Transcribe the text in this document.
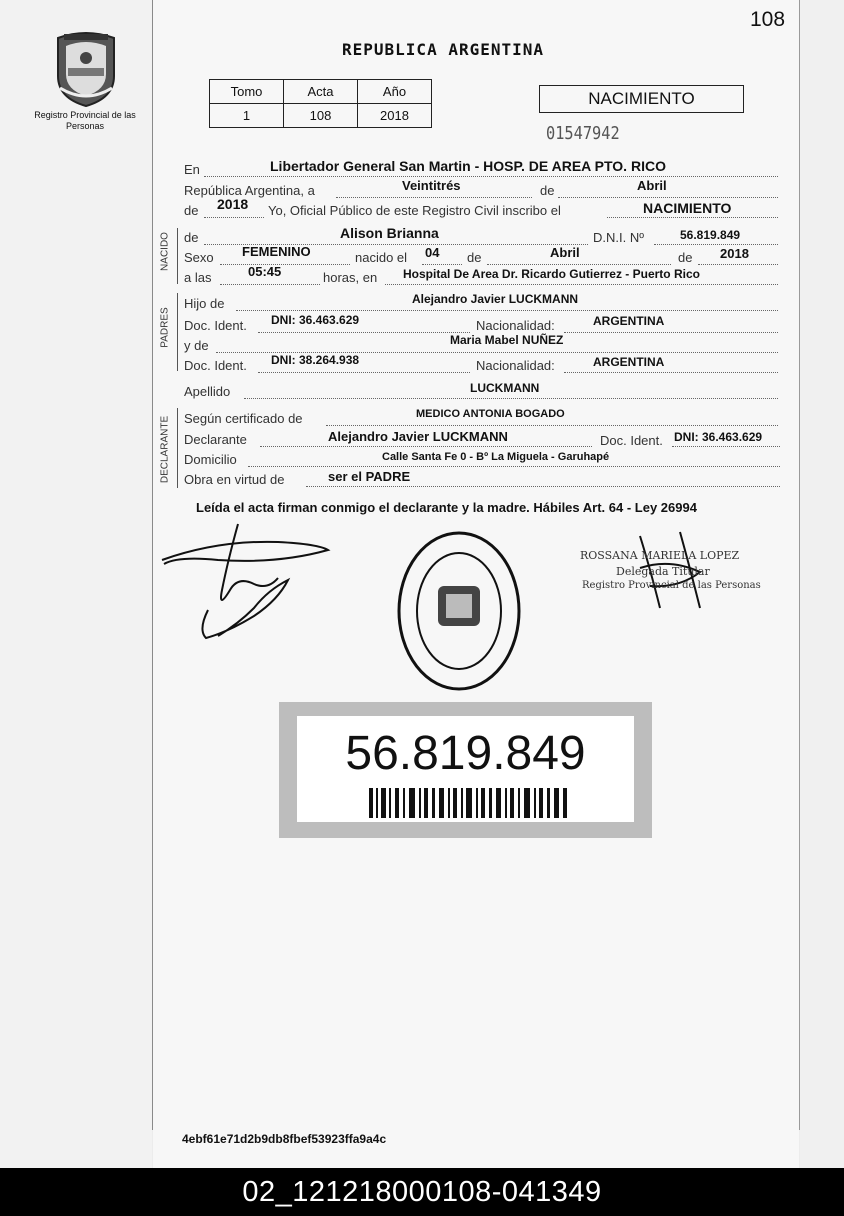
108
Registro Provincial de las Personas
REPUBLICA ARGENTINA
Tomo	Acta	Año
1	108	2018
NACIMIENTO
01547942
NACIDO
PADRES
DECLARANTE
En	Libertador General San Martin - HOSP. DE AREA PTO. RICO
República Argentina, a	Veintitrés	de	Abril
de 2018 Yo, Oficial Público de este Registro Civil inscribo el	NACIMIENTO
de	Alison Brianna	D.N.I. Nº	56.819.849
Sexo FEMENINO	nacido el 04 de	Abril	de 2018
a las	05:45	horas, en Hospital De Area Dr. Ricardo Gutierrez - Puerto Rico
Hijo de	Alejandro Javier LUCKMANN
Doc. Ident. DNI: 36.463.629	Nacionalidad:	ARGENTINA
y de	Maria Mabel NUÑEZ
Doc. Ident. DNI: 38.264.938	Nacionalidad:	ARGENTINA
Apellido	LUCKMANN
Según certificado de	MEDICO ANTONIA BOGADO
Declarante	Alejandro Javier LUCKMANN	Doc. Ident. DNI: 36.463.629
Domicilio	Calle Santa Fe 0 - Bº La Miguela - Garuhapé
Obra en virtud de	ser el PADRE
Leída el acta firman conmigo el declarante y la madre. Hábiles Art. 64 - Ley 26994
ROSSANA MARIELA LOPEZ
Delegada Titular
Registro Provincial de las Personas
56.819.849
4ebf61e71d2b9db8fbef53923ffa9a4c
02_121218000108-041349
